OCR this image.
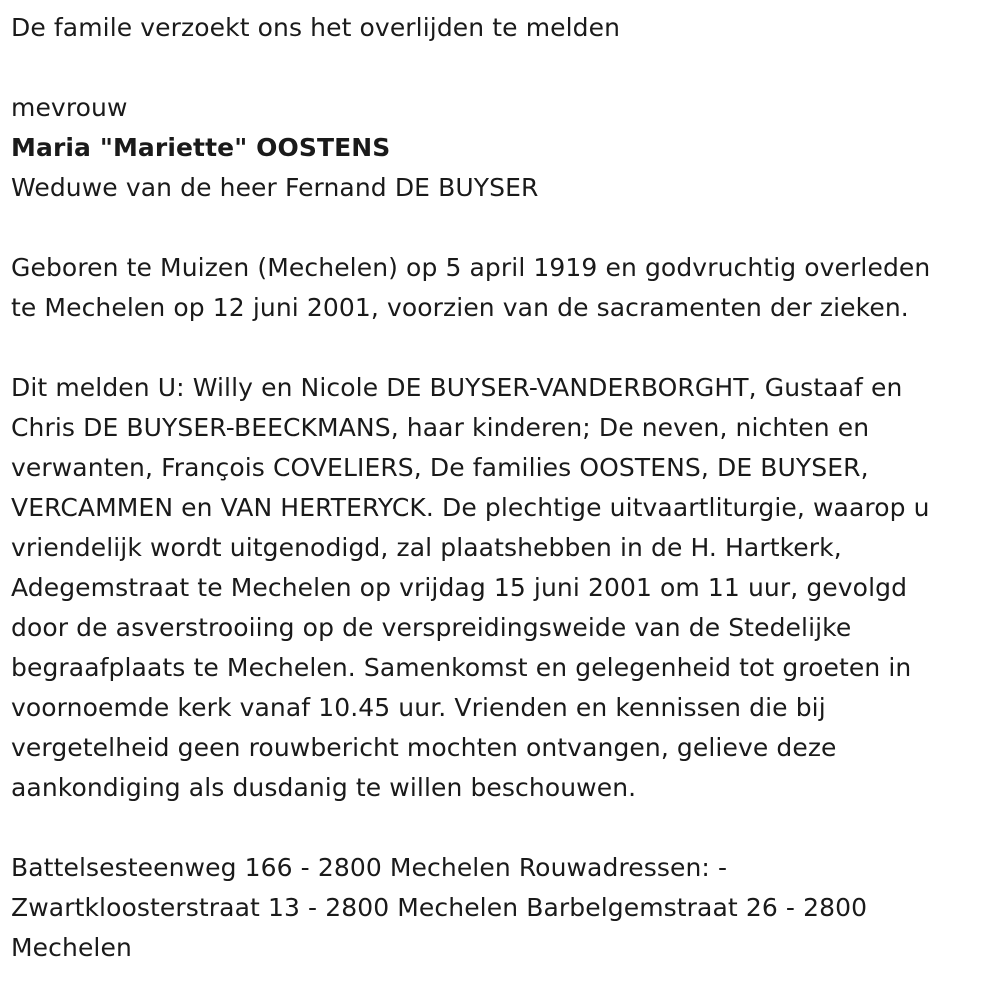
De famile verzoekt ons het overlijden te melden
mevrouw
Maria "Mariette" OOSTENS
Weduwe van de heer Fernand DE BUYSER
Geboren te Muizen (Mechelen) op 5 april 1919 en godvruchtig overleden
te Mechelen op 12 juni 2001, voorzien van de sacramenten der zieken.
Dit melden U: Willy en Nicole DE BUYSER-VANDERBORGHT, Gustaaf en
Chris DE BUYSER-BEECKMANS, haar kinderen; De neven, nichten en
verwanten, François COVELIERS, De families OOSTENS, DE BUYSER,
VERCAMMEN en VAN HERTERYCK. De plechtige uitvaartliturgie, waarop u
vriendelijk wordt uitgenodigd, zal plaatshebben in de H. Hartkerk,
Adegemstraat te Mechelen op vrijdag 15 juni 2001 om 11 uur, gevolgd
door de asverstrooiing op de verspreidingsweide van de Stedelijke
begraafplaats te Mechelen. Samenkomst en gelegenheid tot groeten in
voornoemde kerk vanaf 10.45 uur. Vrienden en kennissen die bij
vergetelheid geen rouwbericht mochten ontvangen, gelieve deze
aankondiging als dusdanig te willen beschouwen.
Battelsesteenweg 166 - 2800 Mechelen Rouwadressen: -
Zwartkloosterstraat 13 - 2800 Mechelen Barbelgemstraat 26 - 2800
Mechelen
